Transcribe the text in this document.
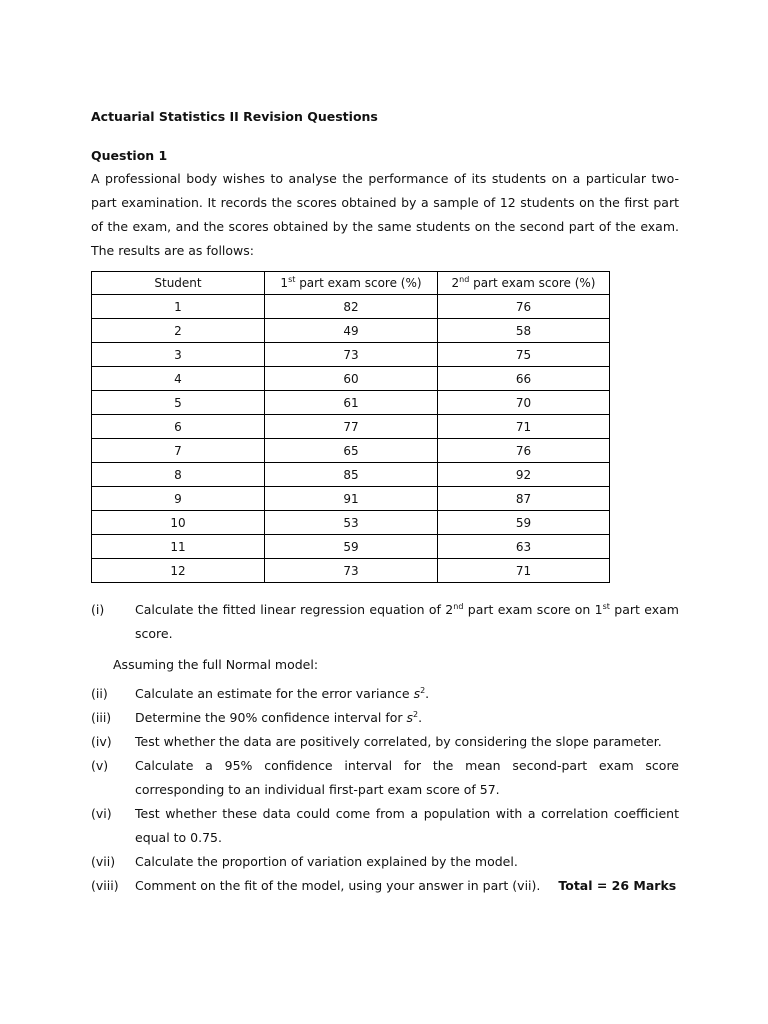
Actuarial Statistics II Revision Questions

Question 1
A professional body wishes to analyse the performance of its students on a particular two-part examination. It records the scores obtained by a sample of 12 students on the first part of the exam, and the scores obtained by the same students on the second part of the exam. The results are as follows:
Student	1st part exam score (%)	2nd part exam score (%)
1	82	76
2	49	58
3	73	75
4	60	66
5	61	70
6	77	71
7	65	76
8	85	92
9	91	87
10	53	59
11	59	63
12	73	71
(i)	Calculate the fitted linear regression equation of 2nd part exam score on 1st part exam score.
Assuming the full Normal model:
(ii)	Calculate an estimate for the error variance $s^2$.
(iii)	Determine the 90% confidence interval for $s^2$.
(iv)	Test whether the data are positively correlated, by considering the slope parameter.
(v)	Calculate a 95% confidence interval for the mean second-part exam score corresponding to an individual first-part exam score of 57.
(vi)	Test whether these data could come from a population with a correlation coefficient equal to 0.75.
(vii)	Calculate the proportion of variation explained by the model.
(viii)	Comment on the fit of the model, using your answer in part (vii). Total = 26 Marks
